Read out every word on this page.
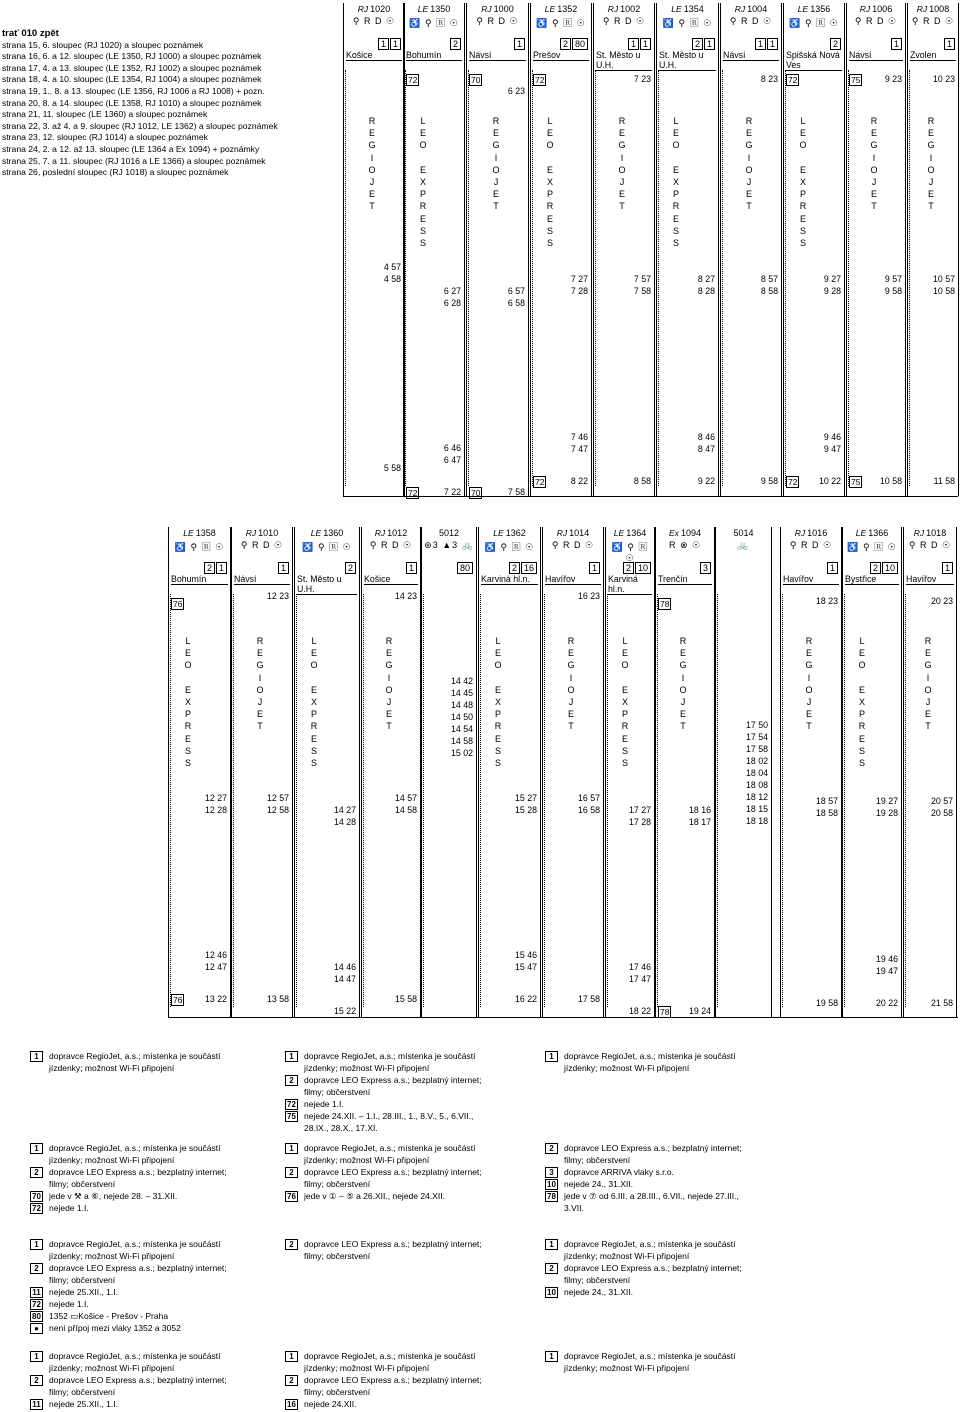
trať 010 zpět
strana 15, 6. sloupec (RJ 1020) a sloupec poznámek
strana 16, 6. a 12. sloupec (LE 1350, RJ 1000) a sloupec poznámek
strana 17, 4. a 13. sloupec (LE 1352, RJ 1002) a sloupec poznámek
strana 18, 4. a 10. sloupec (LE 1354, RJ 1004) a sloupec poznámek
strana 19, 1., 8. a 13. sloupec (LE 1356, RJ 1006 a RJ 1008) + pozn.
strana 20, 8. a 14. sloupec (LE 1358, RJ 1010) a sloupec poznámek
strana 21, 11. sloupec (LE 1360) a sloupec poznámek
strana 22, 3. až 4. a 9. sloupec (RJ 1012, LE 1362) a sloupec poznámek
strana 23, 12. sloupec (RJ 1014) a sloupec poznámek
strana 24, 2. a 12. až 13. sloupec (LE 1364 a Ex 1094) + poznámky
strana 25, 7. a 11. sloupec (RJ 1016 a LE 1366) a sloupec poznámek
strana 26, poslední sloupec (RJ 1018) a sloupec poznámek
RJ 1020
⚲ R D ☉
1 1
Košice
R
E
G
I
O
J
E
T
4 57
4 58
5 58
LE 1350
♿ ⚲ 🅁 ☉
2
Bohumín
72
72
L
E
O

E
X
P
R
E
S
S
6 27
6 28
6 46
6 47
7 22
RJ 1000
⚲ R D ☉
1
Návsí
70
70
R
E
G
I
O
J
E
T
6 23
6 57
6 58
7 58
LE 1352
♿ ⚲ 🅁 ☉
2 80
Prešov
72
72
L
E
O

E
X
P
R
E
S
S
7 27
7 28
7 46
7 47
8 22
RJ 1002
⚲ R D ☉
1 1
St. Město u U.H.
R
E
G
I
O
J
E
T
7 23
7 57
7 58
8 58
LE 1354
♿ ⚲ 🅁 ☉
2 1
St. Město u U.H.
L
E
O

E
X
P
R
E
S
S
8 27
8 28
8 46
8 47
9 22
RJ 1004
⚲ R D ☉
1 1
Návsí
R
E
G
I
O
J
E
T
8 23
8 57
8 58
9 58
LE 1356
♿ ⚲ 🅁 ☉
2
Spišská Nová Ves
72
72
L
E
O

E
X
P
R
E
S
S
9 27
9 28
9 46
9 47
10 22
RJ 1006
⚲ R D ☉
1
Návsí
75
75
R
E
G
I
O
J
E
T
9 23
9 57
9 58
10 58
RJ 1008
⚲ R D ☉
1
Zvolen
R
E
G
I
O
J
E
T
10 23
10 57
10 58
11 58
LE 1358
♿ ⚲ 🅁 ☉
2 1
Bohumín
76
76
L
E
O

E
X
P
R
E
S
S
12 27
12 28
12 46
12 47
13 22
RJ 1010
⚲ R D ☉
1
Návsí
R
E
G
I
O
J
E
T
12 23
12 57
12 58
13 58
LE 1360
♿ ⚲ 🅁 ☉
2
St. Město u U.H.
L
E
O

E
X
P
R
E
S
S
14 27
14 28
14 46
14 47
15 22
RJ 1012
⚲ R D ☉
1
Košice
R
E
G
I
O
J
E
T
14 23
14 57
14 58
15 58
5012
⊛3 ▲3 🚲
80
14 42
14 45
14 48
14 50
14 54
14 58
15 02
LE 1362
♿ ⚲ 🅁 ☉
2 16
Karviná hl.n.
L
E
O

E
X
P
R
E
S
S
15 27
15 28
15 46
15 47
16 22
RJ 1014
⚲ R D ☉
1
Havířov
R
E
G
I
O
J
E
T
16 23
16 57
16 58
17 58
LE 1364
♿ ⚲ 🅁 ☉
2 10
Karviná hl.n.
L
E
O

E
X
P
R
E
S
S
17 27
17 28
17 46
17 47
18 22
Ex 1094
R ⊗ ☉
3
Trenčín
78
78
R
E
G
I
O
J
E
T
18 16
18 17
19 24
5014
🚲
17 50
17 54
17 58
18 02
18 04
18 08
18 12
18 15
18 18
RJ 1016
⚲ R D ☉
1
Havířov
R
E
G
I
O
J
E
T
18 23
18 57
18 58
19 58
LE 1366
♿ ⚲ 🅁 ☉
2 10
Bystřice
L
E
O

E
X
P
R
E
S
S
19 27
19 28
19 46
19 47
20 22
RJ 1018
⚲ R D ☉
1
Havířov
R
E
G
I
O
J
E
T
20 23
20 57
20 58
21 58
1 dopravce RegioJet, a.s.; místenka je součástí
jízdenky; možnost Wi-Fi připojení
1 dopravce RegioJet, a.s.; místenka je součástí
jízdenky; možnost Wi-Fi připojení
2 dopravce LEO Express a.s.; bezplatný internet;
filmy; občerstvení
72 nejede 1.I.
75 nejede 24.XII. – 1.I., 28.III., 1., 8.V., 5., 6.VII.,
28.IX., 28.X., 17.XI.
1 dopravce RegioJet, a.s.; místenka je součástí
jízdenky; možnost Wi-Fi připojení
1 dopravce RegioJet, a.s.; místenka je součástí
jízdenky; možnost Wi-Fi připojení
2 dopravce LEO Express a.s.; bezplatný internet;
filmy; občerstvení
70 jede v ⚒ a ⑥, nejede 28. – 31.XII.
72 nejede 1.I.
1 dopravce RegioJet, a.s.; místenka je součástí
jízdenky; možnost Wi-Fi připojení
2 dopravce LEO Express a.s.; bezplatný internet;
filmy; občerstvení
76 jede v ① – ⑤ a 26.XII., nejede 24.XII.
2 dopravce LEO Express a.s.; bezplatný internet;
filmy; občerstvení
3 dopravce ARRIVA vlaky s.r.o.
10 nejede 24., 31.XII.
78 jede v ⑦ od 6.III. a 28.III., 6.VII., nejede 27.III.,
3.VII.
1 dopravce RegioJet, a.s.; místenka je součástí
jízdenky; možnost Wi-Fi připojení
2 dopravce LEO Express a.s.; bezplatný internet;
filmy; občerstvení
11 nejede 25.XII., 1.I.
72 nejede 1.I.
80 1352 ▭Košice - Prešov - Praha
● není přípoj mezi vlaky 1352 a 3052
2 dopravce LEO Express a.s.; bezplatný internet;
filmy; občerstvení
1 dopravce RegioJet, a.s.; místenka je součástí
jízdenky; možnost Wi-Fi připojení
2 dopravce LEO Express a.s.; bezplatný internet;
filmy; občerstvení
10 nejede 24., 31.XII.
1 dopravce RegioJet, a.s.; místenka je součástí
jízdenky; možnost Wi-Fi připojení
2 dopravce LEO Express a.s.; bezplatný internet;
filmy; občerstvení
11 nejede 25.XII., 1.I.
1 dopravce RegioJet, a.s.; místenka je součástí
jízdenky; možnost Wi-Fi připojení
2 dopravce LEO Express a.s.; bezplatný internet;
filmy; občerstvení
16 nejede 24.XII.
1 dopravce RegioJet, a.s.; místenka je součástí
jízdenky; možnost Wi-Fi připojení
